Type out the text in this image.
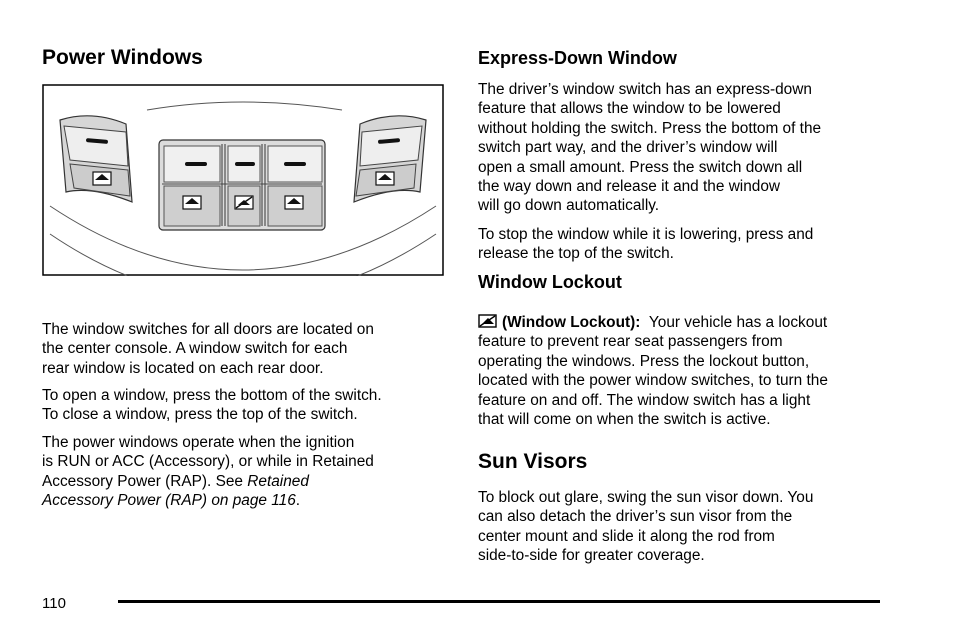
Power Windows

The window switches for all doors are located on
the center console. A window switch for each
rear window is located on each rear door.

To open a window, press the bottom of the switch.
To close a window, press the top of the switch.

The power windows operate when the ignition
is RUN or ACC (Accessory), or while in Retained
Accessory Power (RAP). See Retained
Accessory Power (RAP) on page 116.

Express-Down Window

The driver’s window switch has an express-down
feature that allows the window to be lowered
without holding the switch. Press the bottom of the
switch part way, and the driver’s window will
open a small amount. Press the switch down all
the way down and release it and the window
will go down automatically.

To stop the window while it is lowering, press and
release the top of the switch.

Window Lockout

(Window Lockout): Your vehicle has a lockout
feature to prevent rear seat passengers from
operating the windows. Press the lockout button,
located with the power window switches, to turn the
feature on and off. The window switch has a light
that will come on when the switch is active.

Sun Visors

To block out glare, swing the sun visor down. You
can also detach the driver’s sun visor from the
center mount and slide it along the rod from
side-to-side for greater coverage.

110
